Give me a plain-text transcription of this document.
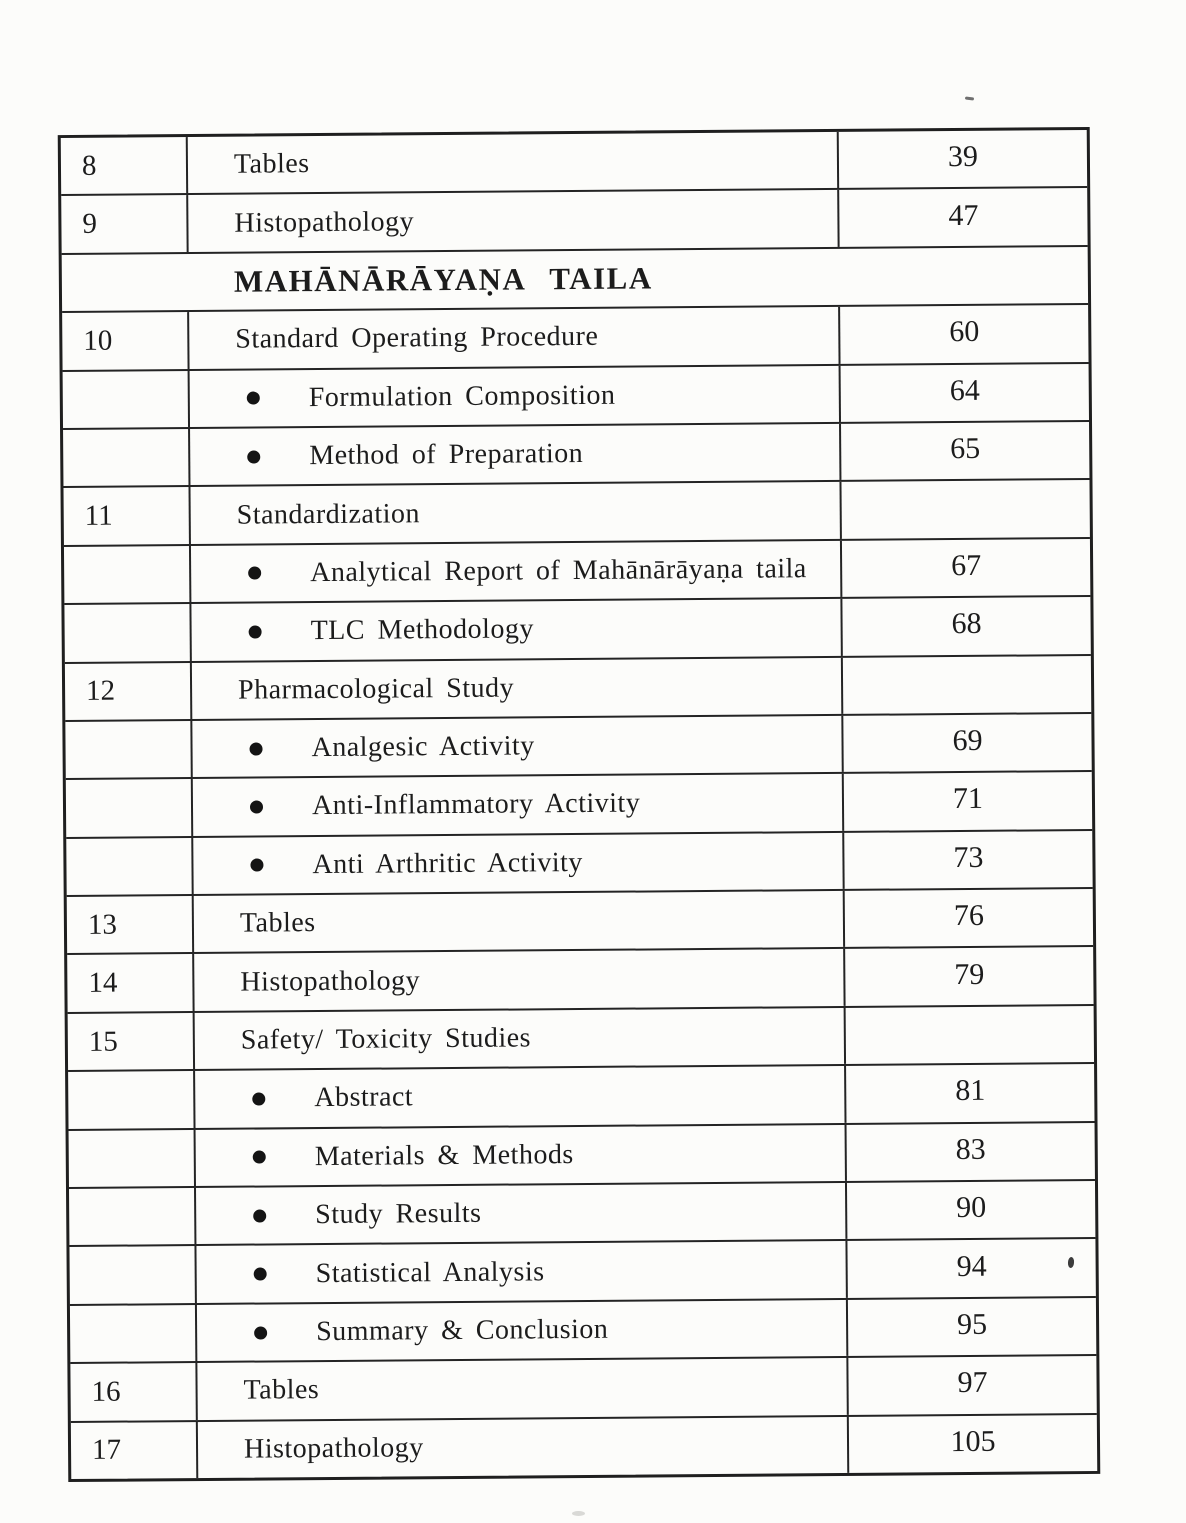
8	Tables	39
9	Histopathology	47
MAHĀNĀRĀYAṆA TAILA
10	Standard Operating Procedure	60
Formulation Composition	64
Method of Preparation	65
11	Standardization
Analytical Report of Mahānārāyaṇa taila	67
TLC Methodology	68
12	Pharmacological Study
Analgesic Activity	69
Anti-Inflammatory Activity	71
Anti Arthritic Activity	73
13	Tables	76
14	Histopathology	79
15	Safety/ Toxicity Studies
Abstract	81
Materials & Methods	83
Study Results	90
Statistical Analysis	94
Summary & Conclusion	95
16	Tables	97
17	Histopathology	105
